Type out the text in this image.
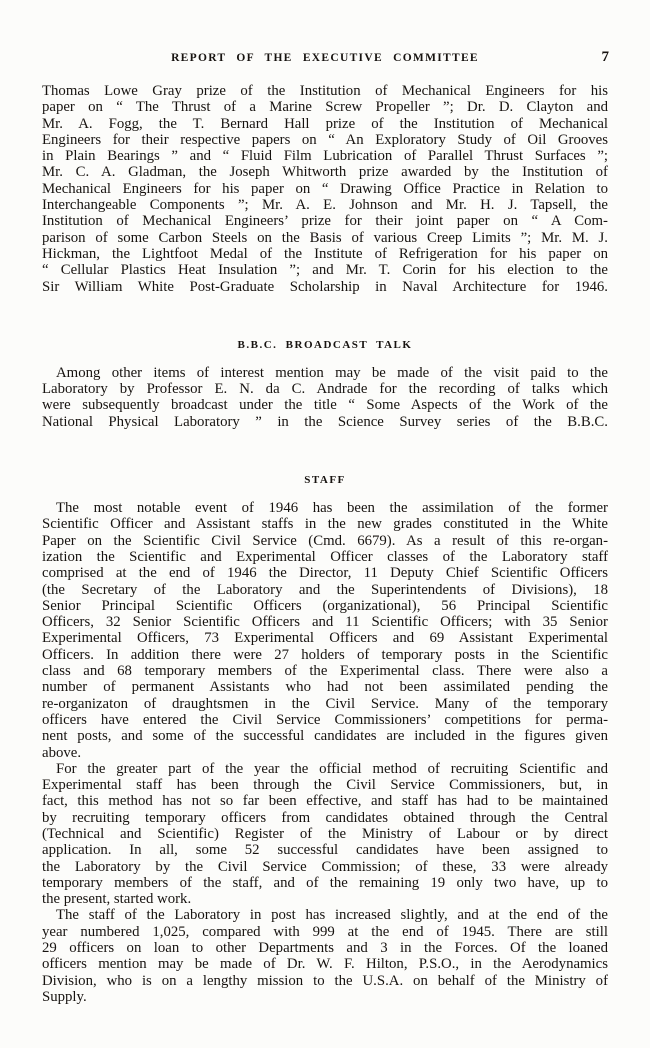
REPORT OF THE EXECUTIVE COMMITTEE	7

Thomas Lowe Gray prize of the Institution of Mechanical Engineers for his
paper on “ The Thrust of a Marine Screw Propeller ”; Dr. D. Clayton and
Mr. A. Fogg, the T. Bernard Hall prize of the Institution of Mechanical
Engineers for their respective papers on “ An Exploratory Study of Oil Grooves
in Plain Bearings ” and “ Fluid Film Lubrication of Parallel Thrust Surfaces ”;
Mr. C. A. Gladman, the Joseph Whitworth prize awarded by the Institution of
Mechanical Engineers for his paper on “ Drawing Office Practice in Relation to
Interchangeable Components ”; Mr. A. E. Johnson and Mr. H. J. Tapsell, the
Institution of Mechanical Engineers’ prize for their joint paper on “ A Com-
parison of some Carbon Steels on the Basis of various Creep Limits ”; Mr. M. J.
Hickman, the Lightfoot Medal of the Institute of Refrigeration for his paper on
“ Cellular Plastics Heat Insulation ”; and Mr. T. Corin for his election to the
Sir William White Post-Graduate Scholarship in Naval Architecture for 1946.

B.B.C. BROADCAST TALK

Among other items of interest mention may be made of the visit paid to the
Laboratory by Professor E. N. da C. Andrade for the recording of talks which
were subsequently broadcast under the title “ Some Aspects of the Work of the
National Physical Laboratory ” in the Science Survey series of the B.B.C.

STAFF

The most notable event of 1946 has been the assimilation of the former
Scientific Officer and Assistant staffs in the new grades constituted in the White
Paper on the Scientific Civil Service (Cmd. 6679). As a result of this re-organ-
ization the Scientific and Experimental Officer classes of the Laboratory staff
comprised at the end of 1946 the Director, 11 Deputy Chief Scientific Officers
(the Secretary of the Laboratory and the Superintendents of Divisions), 18
Senior Principal Scientific Officers (organizational), 56 Principal Scientific
Officers, 32 Senior Scientific Officers and 11 Scientific Officers; with 35 Senior
Experimental Officers, 73 Experimental Officers and 69 Assistant Experimental
Officers. In addition there were 27 holders of temporary posts in the Scientific
class and 68 temporary members of the Experimental class. There were also a
number of permanent Assistants who had not been assimilated pending the
re-organizaton of draughtsmen in the Civil Service. Many of the temporary
officers have entered the Civil Service Commissioners’ competitions for perma-
nent posts, and some of the successful candidates are included in the figures given
above.

For the greater part of the year the official method of recruiting Scientific and
Experimental staff has been through the Civil Service Commissioners, but, in
fact, this method has not so far been effective, and staff has had to be maintained
by recruiting temporary officers from candidates obtained through the Central
(Technical and Scientific) Register of the Ministry of Labour or by direct
application. In all, some 52 successful candidates have been assigned to
the Laboratory by the Civil Service Commission; of these, 33 were already
temporary members of the staff, and of the remaining 19 only two have, up to
the present, started work.

The staff of the Laboratory in post has increased slightly, and at the end of the
year numbered 1,025, compared with 999 at the end of 1945. There are still
29 officers on loan to other Departments and 3 in the Forces. Of the loaned
officers mention may be made of Dr. W. F. Hilton, P.S.O., in the Aerodynamics
Division, who is on a lengthy mission to the U.S.A. on behalf of the Ministry of
Supply.
